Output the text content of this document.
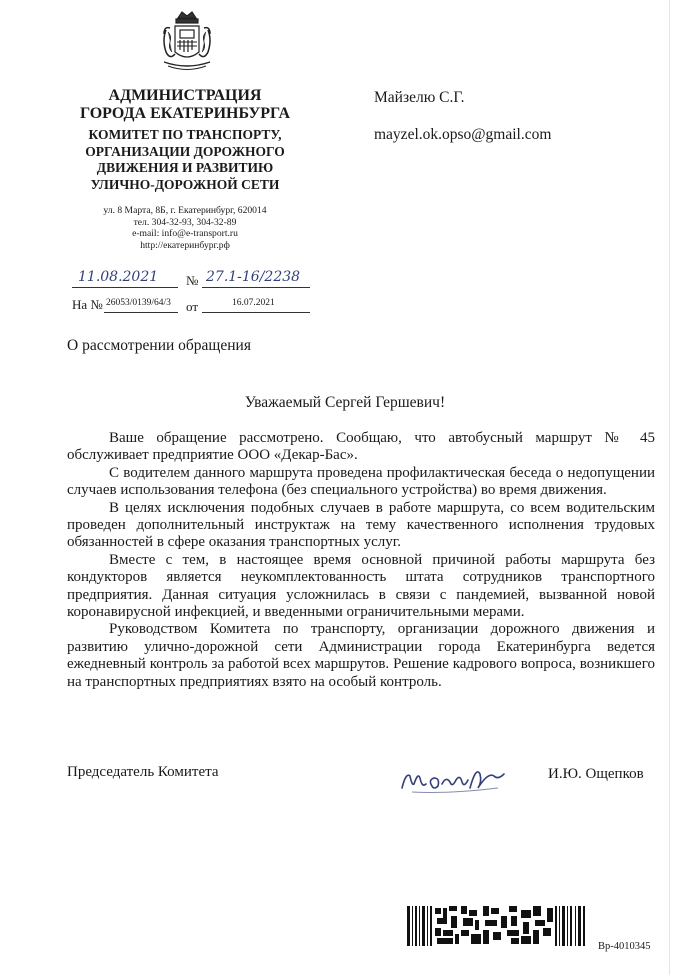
АДМИНИСТРАЦИЯ
ГОРОДА ЕКАТЕРИНБУРГА
КОМИТЕТ ПО ТРАНСПОРТУ,
ОРГАНИЗАЦИИ ДОРОЖНОГО
ДВИЖЕНИЯ И РАЗВИТИЮ
УЛИЧНО-ДОРОЖНОЙ СЕТИ
ул. 8 Марта, 8Б, г. Екатеринбург, 620014
тел. 304-32-93, 304-32-89
e-mail: info@e-transport.ru
http://екатеринбург.рф
Майзелю С.Г.
mayzel.ok.opso@gmail.com
11.08.2021 № 27.1-16/2238
На № 26053/0139/64/3 от	16.07.2021
О рассмотрении обращения
Уважаемый Сергей Гершевич!

Ваше обращение рассмотрено. Сообщаю, что автобусный маршрут № 45 обслуживает предприятие ООО «Декар-Бас».

С водителем данного маршрута проведена профилактическая беседа о недопущении случаев использования телефона (без специального устройства) во время движения.

В целях исключения подобных случаев в работе маршрута, со всем водительским проведен дополнительный инструктаж на тему качественного исполнения трудовых обязанностей в сфере оказания транспортных услуг.

Вместе с тем, в настоящее время основной причиной работы маршрута без кондукторов является неукомплектованность штата сотрудников транспортного предприятия. Данная ситуация усложнилась в связи с пандемией, вызванной новой коронавирусной инфекцией, и введенными ограничительными мерами.

Руководством Комитета по транспорту, организации дорожного движения и развитию улично-дорожной сети Администрации города Екатеринбурга ведется ежедневный контроль за работой всех маршрутов. Решение кадрового вопроса, возникшего на транспортных предприятиях взято на особый контроль.

Председатель Комитета	И.Ю. Ощепков
Вр-4010345
